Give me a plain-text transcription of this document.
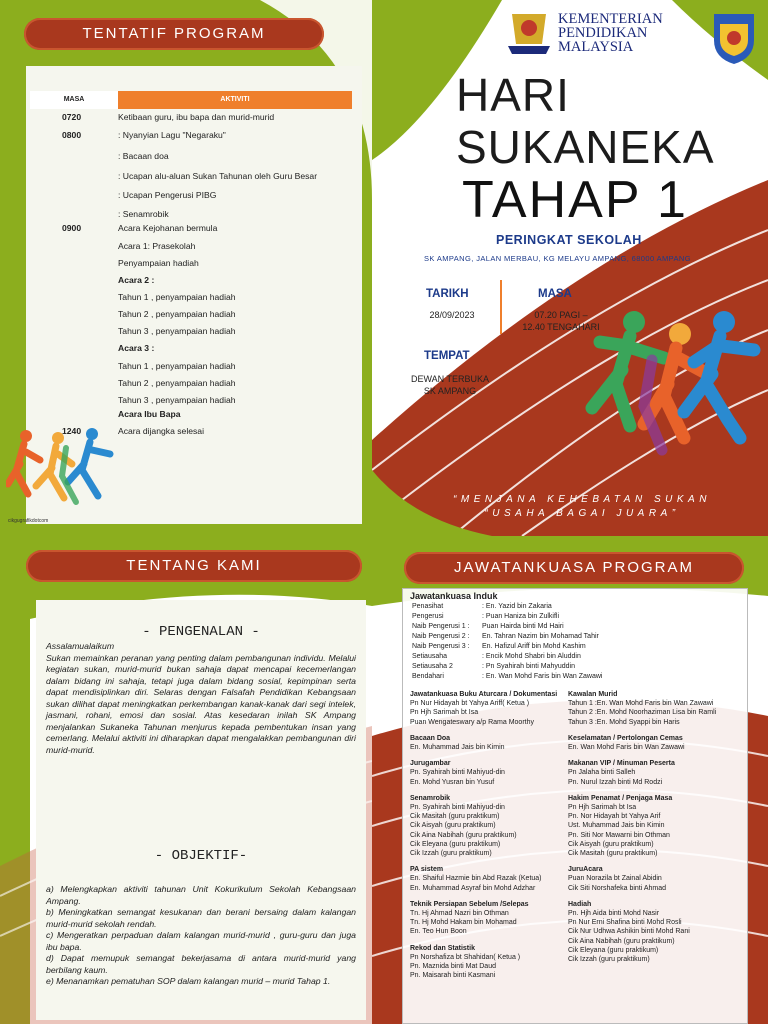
TENTATIF PROGRAM
MASA	AKTIVITI
0720	Ketibaan guru, ibu bapa dan murid-murid
0800	: Nyanyian Lagu "Negaraku"
: Bacaan doa
: Ucapan alu-aluan Sukan Tahunan oleh Guru Besar
: Ucapan Pengerusi PIBG
: Senamrobik
0900	Acara Kejohanan bermula
Acara 1: Prasekolah
Penyampaian hadiah
Acara 2 :
Tahun 1 , penyampaian hadiah
Tahun 2 , penyampaian hadiah
Tahun 3 , penyampaian hadiah
Acara 3 :
Tahun 1 , penyampaian hadiah
Tahun 2 , penyampaian hadiah
Tahun 3 , penyampaian hadiah
Acara Ibu Bapa
1240	Acara dijangka selesai
cikgugrafikdotcom
KEMENTERIAN
PENDIDIKAN
MALAYSIA
HARI
SUKANEKA
TAHAP 1
PERINGKAT SEKOLAH
SK AMPANG, JALAN MERBAU, KG MELAYU AMPANG, 68000 AMPANG
TARIKH
28/09/2023
MASA
07.20 PAGI –
12.40 TENGAHARI
TEMPAT
DEWAN TERBUKA
SK AMPANG
“MENJANA KEHEBATAN SUKAN
“USAHA BAGAI JUARA”
TENTANG KAMI
- PENGENALAN -
Assalamualaikum
Sukan memainkan peranan yang penting dalam pembangunan individu. Melalui kegiatan sukan, murid-murid bukan sahaja dapat mencapai kecemerlangan dalam bidang ini sahaja, tetapi juga dalam bidang sosial, kepimpinan serta dapat mendisiplinkan diri. Selaras dengan Falsafah Pendidikan Kebangsaan sukan dilihat dapat meningkatkan perkembangan kanak-kanak dari segi intelek, jasmani, rohani, emosi dan sosial. Atas kesedaran inilah SK Ampang menjalankan Sukaneka Tahunan menjurus kepada pembentukan insan yang cemerlang. Melalui aktiviti ini diharapkan dapat mengalakkan pembangunan diri murid-murid.
- OBJEKTIF-
a) Melengkapkan aktiviti tahunan Unit Kokurikulum Sekolah Kebangsaan Ampang.
b) Meningkatkan semangat kesukanan dan berani bersaing dalam kalangan murid-murid sekolah rendah.
c) Mengeratkan perpaduan dalam kalangan murid-murid , guru-guru dan juga ibu bapa.
d) Dapat memupuk semangat bekerjasama di antara murid-murid yang berbilang kaum.
e) Menanamkan pematuhan SOP dalam kalangan murid – murid Tahap 1.
JAWATANKUASA PROGRAM
Jawatankuasa Induk
Penasihat	: En. Yazid bin Zakaria
Pengerusi	: Puan Haniza bin Zulkifli
Naib Pengerusi 1 : Puan Hairda binti Md Hairi
Naib Pengerusi 2 : En. Tahran Nazim bin Mohamad Tahir
Naib Pengerusi 3 : En. Hafizul Ariff bin Mohd Kashim
Setiausaha	: Encik Mohd Shabri bin Aluddin
Setiausaha 2	: Pn Syahirah binti Mahyuddin
Bendahari	: En. Wan Mohd Faris bin Wan Zawawi
Jawatankuasa Buku Aturcara / Dokumentasi
Pn Nur Hidayah bt Yahya Ariff( Ketua )
Pn Hjh Sarimah bt Isa
Puan Wengateswary a/p Rama Moorthy
Bacaan Doa
En. Muhammad Jais bin Kimin
Jurugambar
Pn. Syahirah binti Mahiyud-din
En. Mohd Yusran bin Yusuf
Senamrobik
Pn. Syahirah binti Mahiyud-din
Cik Masitah (guru praktikum)
Cik Aisyah (guru praktikum)
Cik Aina Nabihah (guru praktikum)
Cik Eleyana (guru praktikum)
Cik Izzah (guru praktikum)
PA sistem
En. Shaiful Hazmie bin Abd Razak (Ketua)
En. Muhammad Asyraf bin Mohd Adzhar
Teknik Persiapan Sebelum /Selepas
Tn. Hj Ahmad Nazri bin Othman
Tn. Hj Mohd Hakam bin Mohamad
En. Teo Hun Boon
Rekod dan Statistik
Pn Norshafiza bt Shahidan( Ketua )
Pn. Maznida binti Mat Daud
Pn. Maisarah binti Kasmani
Kawalan Murid
Tahun 1 :En. Wan Mohd Faris bin Wan Zawawi
Tahun 2 :En. Mohd Noorhaziman Lisa bin Ramli
Tahun 3 :En. Mohd Syappi bin Haris
Keselamatan / Pertolongan Cemas
En. Wan Mohd Faris bin Wan Zawawi
Makanan VIP / Minuman Peserta
Pn Jalaha binti Salleh
Pn. Nurul Izzah binti Md Rodzi
Hakim Penamat / Penjaga Masa
Pn Hjh Sarimah bt Isa
Pn. Nor Hidayah bt Yahya Arif
Ust. Muhammad Jais bin Kimin
Pn. Siti Nor Mawarni bin Othman
Cik Aisyah (guru praktikum)
Cik Masitah (guru praktikum)
JuruAcara
Puan Norazila bt Zainal Abidin
Cik Siti Norshafeka binti Ahmad
Hadiah
Pn. Hjh Aida binti Mohd Nasir
Pn Nur Erni Shafina binti Mohd Rosli
Cik Nur Udhwa Ashikin binti Mohd Rani
Cik Aina Nabihah (guru praktikum)
Cik Eleyana (guru praktikum)
Cik Izzah (guru praktikum)
